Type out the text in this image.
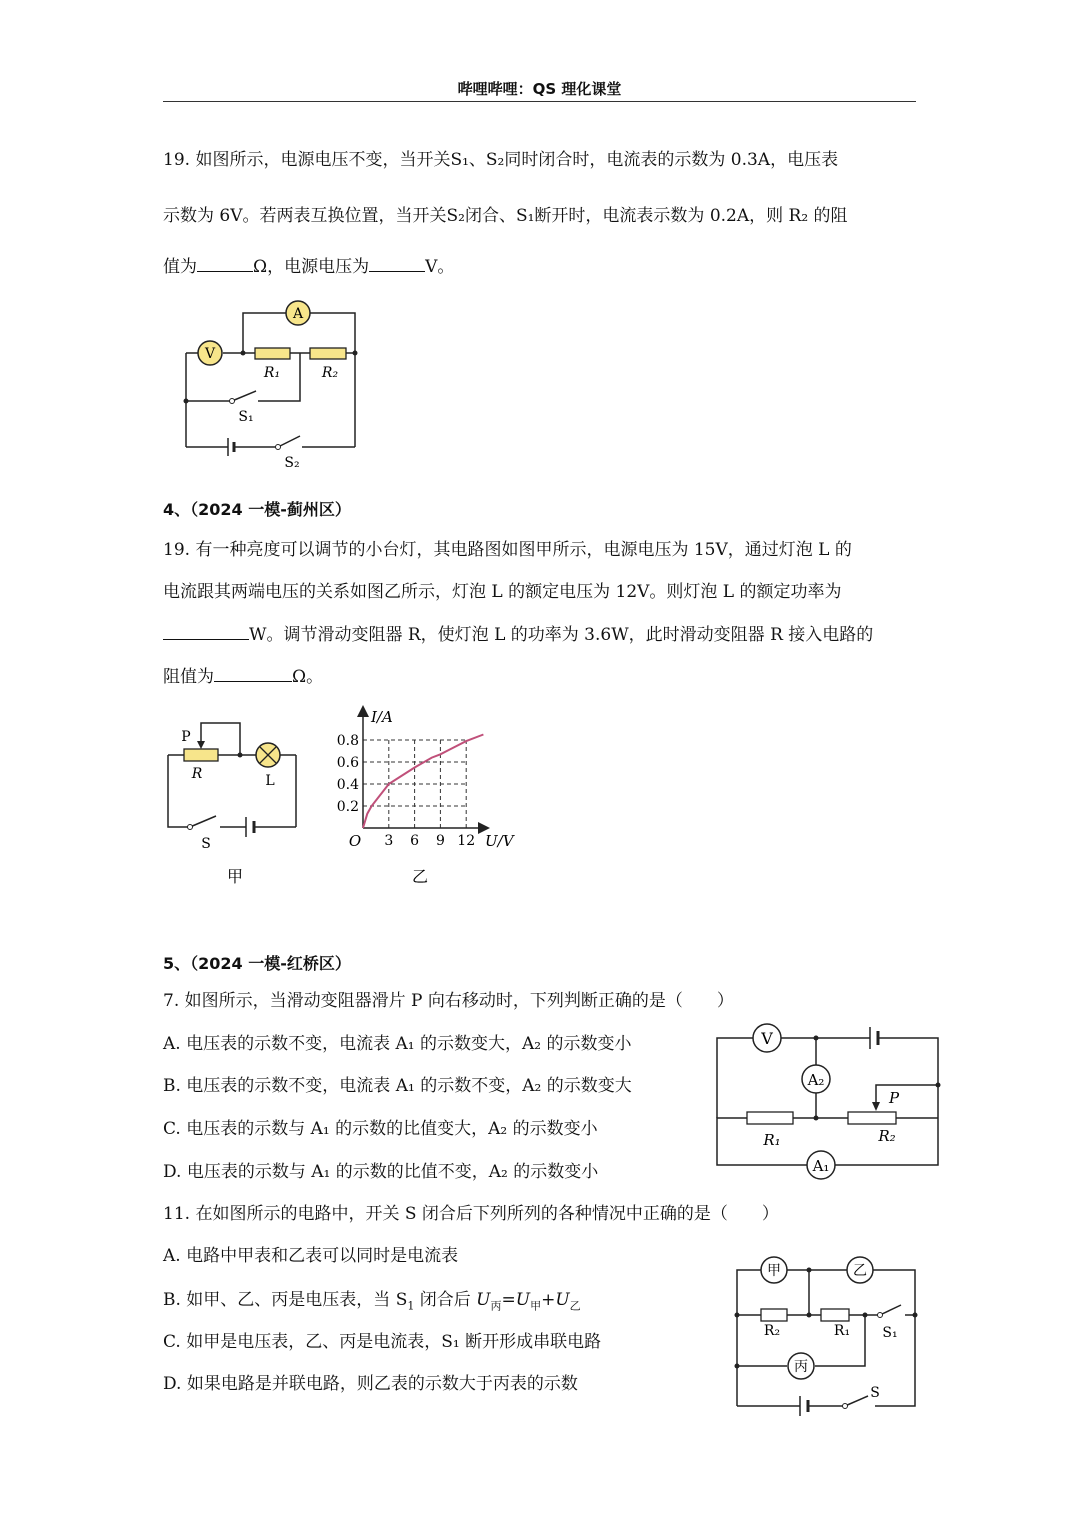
哔哩哔哩：QS 理化课堂
19. 如图所示，电源电压不变，当开关S₁、S₂同时闭合时，电流表的示数为 0.3A，电压表
示数为 6V。若两表互换位置，当开关S₂闭合、S₁断开时，电流表示数为 0.2A，则 R₂ 的阻
值为	Ω，电源电压为	V。
A
V
R₁	R₂
S₁
S₂
4、（2024 一模-蓟州区）
19. 有一种亮度可以调节的小台灯，其电路图如图甲所示，电源电压为 15V，通过灯泡 L 的
电流跟其两端电压的关系如图乙所示，灯泡 L 的额定电压为 12V。则灯泡 L 的额定功率为
W。调节滑动变阻器 R，使灯泡 L 的功率为 3.6W，此时滑动变阻器 R 接入电路的
阻值为	Ω。
P
R	L
S
甲
3 6 9 12
0.2
0.4
0.6
0.8
I/A
U/V
O
乙
5、（2024 一模-红桥区）
7. 如图所示，当滑动变阻器滑片 P 向右移动时，下列判断正确的是（　　）
A. 电压表的示数不变，电流表 A₁ 的示数变大，A₂ 的示数变小
B. 电压表的示数不变，电流表 A₁ 的示数不变，A₂ 的示数变大
C. 电压表的示数与 A₁ 的示数的比值变大，A₂ 的示数变小
D. 电压表的示数与 A₁ 的示数的比值不变，A₂ 的示数变小
V
A₂
A₁
P
R₁	R₂
11. 在如图所示的电路中，开关 S 闭合后下列所列的各种情况中正确的是（　　）
A. 电路中甲表和乙表可以同时是电流表
B. 如甲、乙、丙是电压表，当 $S_1$ 闭合后 $U_丙=U_甲+U_乙$
C. 如甲是电压表，乙、丙是电流表，S₁ 断开形成串联电路
D. 如果电路是并联电路，则乙表的示数大于丙表的示数
甲	乙
丙
R₂	R₁ S₁
S
